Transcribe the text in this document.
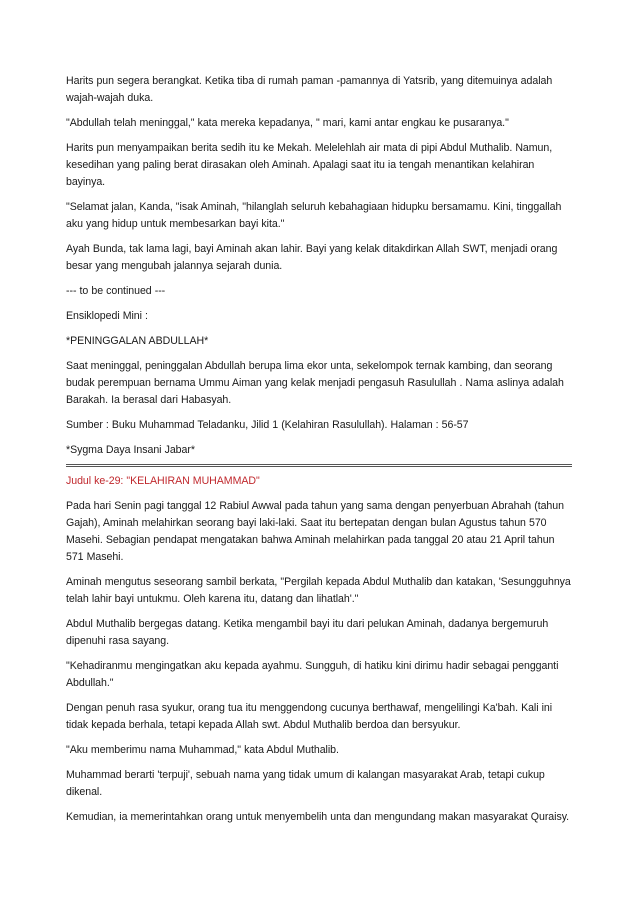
Harits pun segera berangkat. Ketika tiba di rumah paman -pamannya di Yatsrib, yang ditemuinya adalah wajah-wajah duka.

"Abdullah telah meninggal," kata mereka kepadanya, " mari, kami antar engkau ke pusaranya."

Harits pun menyampaikan berita sedih itu ke Mekah. Melelehlah air mata di pipi Abdul Muthalib. Namun, kesedihan yang paling berat dirasakan oleh Aminah. Apalagi saat itu ia tengah menantikan kelahiran bayinya.

"Selamat jalan, Kanda, "isak Aminah, "hilanglah seluruh kebahagiaan hidupku bersamamu. Kini, tinggallah aku yang hidup untuk membesarkan bayi kita."

Ayah Bunda, tak lama lagi, bayi Aminah akan lahir. Bayi yang kelak ditakdirkan Allah SWT, menjadi orang besar yang mengubah jalannya sejarah dunia.

--- to be continued ---

Ensiklopedi Mini :

*PENINGGALAN ABDULLAH*

Saat meninggal, peninggalan Abdullah berupa lima ekor unta, sekelompok ternak kambing, dan seorang budak perempuan bernama Ummu Aiman yang kelak menjadi pengasuh Rasulullah . Nama aslinya adalah Barakah. Ia berasal dari Habasyah.

Sumber : Buku Muhammad Teladanku, Jilid 1 (Kelahiran Rasulullah). Halaman : 56-57

*Sygma Daya Insani Jabar*

Judul ke-29: "KELAHIRAN MUHAMMAD"

Pada hari Senin pagi tanggal 12 Rabiul Awwal pada tahun yang sama dengan penyerbuan Abrahah (tahun Gajah), Aminah melahirkan seorang bayi laki-laki. Saat itu bertepatan dengan bulan Agustus tahun 570 Masehi. Sebagian pendapat mengatakan bahwa Aminah melahirkan pada tanggal 20 atau 21 April tahun 571 Masehi.

Aminah mengutus seseorang sambil berkata, "Pergilah kepada Abdul Muthalib dan katakan, 'Sesungguhnya telah lahir bayi untukmu. Oleh karena itu, datang dan lihatlah'."

Abdul Muthalib bergegas datang. Ketika mengambil bayi itu dari pelukan Aminah, dadanya bergemuruh dipenuhi rasa sayang.

"Kehadiranmu mengingatkan aku kepada ayahmu. Sungguh, di hatiku kini dirimu hadir sebagai pengganti Abdullah."

Dengan penuh rasa syukur, orang tua itu menggendong cucunya berthawaf, mengelilingi Ka'bah. Kali ini tidak kepada berhala, tetapi kepada Allah swt. Abdul Muthalib berdoa dan bersyukur.

"Aku memberimu nama Muhammad," kata Abdul Muthalib.

Muhammad berarti 'terpuji', sebuah nama yang tidak umum di kalangan masyarakat Arab, tetapi cukup dikenal.

Kemudian, ia memerintahkan orang untuk menyembelih unta dan mengundang makan masyarakat Quraisy.
